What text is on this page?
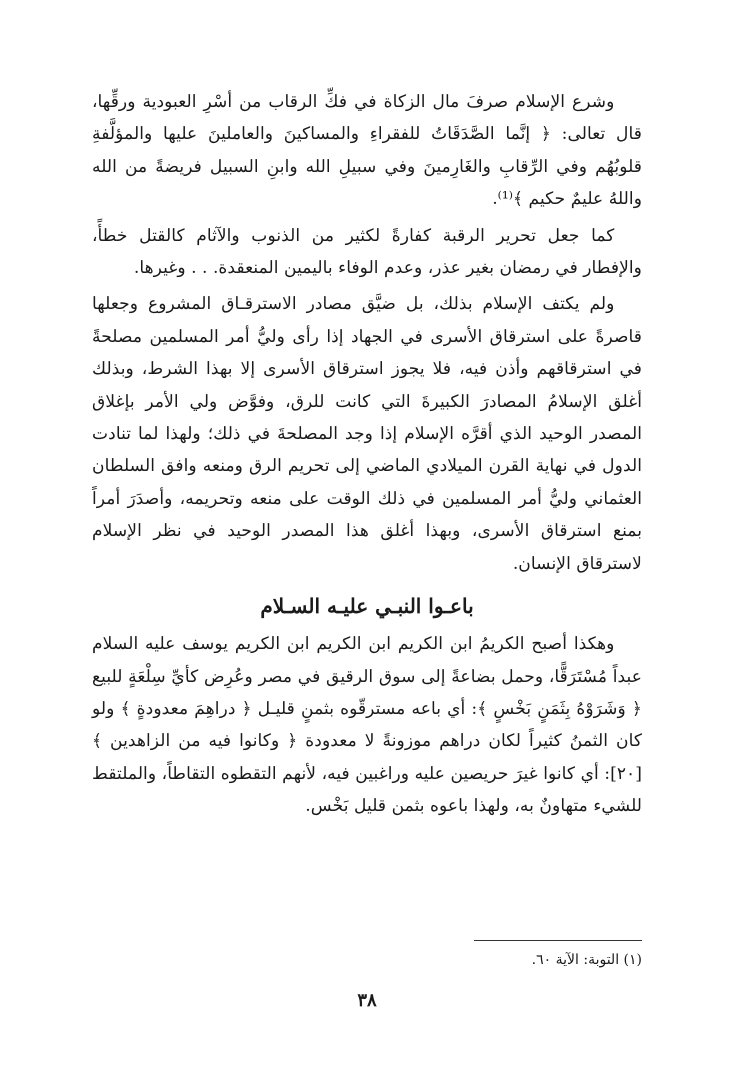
وشرع الإسلام صرفَ مال الزكاة في فكِّ الرقاب من أسْرِ العبودية ورقِّها، قال تعالى: ﴿ إنَّما الصَّدَقَاتُ للفقراءِ والمساكينَ والعاملينَ عليها والمؤلَّفةِ قلوبُهُم وفي الرِّقابِ والغَارِمينَ وفي سبيلِ الله وابنِ السبيل فريضةً من الله واللهُ عليمٌ حكيم ﴾⁽¹⁾.

كما جعل تحرير الرقبة كفارةً لكثير من الذنوب والآثام كالقتل خطأً، والإفطار في رمضان بغير عذر، وعدم الوفاء باليمين المنعقدة. . . وغيرها.

ولم يكتف الإسلام بذلك، بل ضيَّق مصادر الاسترقـاق المشروع وجعلها قاصرةً على استرقاق الأسرى في الجهاد إذا رأى وليُّ أمر المسلمين مصلحةً في استرقاقهم وأذن فيه، فلا يجوز استرقاق الأسرى إلا بهذا الشرط، وبذلك أغلق الإسلامُ المصادرَ الكبيرةَ التي كانت للرق، وفوَّض ولي الأمر بإغلاق المصدر الوحيد الذي أقرَّه الإسلام إذا وجد المصلحةَ في ذلك؛ ولهذا لما تنادت الدول في نهاية القرن الميلادي الماضي إلى تحريم الرق ومنعه وافق السلطان العثماني وليُّ أمر المسلمين في ذلك الوقت على منعه وتحريمه، وأصدَرَ أمراً بمنع استرقاق الأسرى، وبهذا أغلق هذا المصدر الوحيد في نظر الإسلام لاسترقاق الإنسان.

باعـوا النبـي عليـه السـلام

وهكذا أصبح الكريمُ ابن الكريم ابن الكريم ابن الكريم يوسف عليه السلام عبداً مُسْتَرَقًّا، وحمل بضاعةً إلى سوق الرقيق في مصر وعُرِض كأيِّ سِلْعَةٍ للبيع ﴿ وَشَرَوْهُ بِثَمَنٍ بَخْسٍ ﴾: أي باعه مسترقّوه بثمنٍ قليـل ﴿ دراهِمَ معدودةٍ ﴾ ولو كان الثمنُ كثيراً لكان دراهم موزونةً لا معدودة ﴿ وكانوا فيه من الزاهدين ﴾ [٢٠]: أي كانوا غيرَ حريصين عليه وراغبين فيه، لأنهم التقطوه التقاطاً، والملتقط للشيء متهاونٌ به، ولهذا باعوه بثمن قليل بَخْس.

(١) التوبة: الآية ٦٠.
٣٨
